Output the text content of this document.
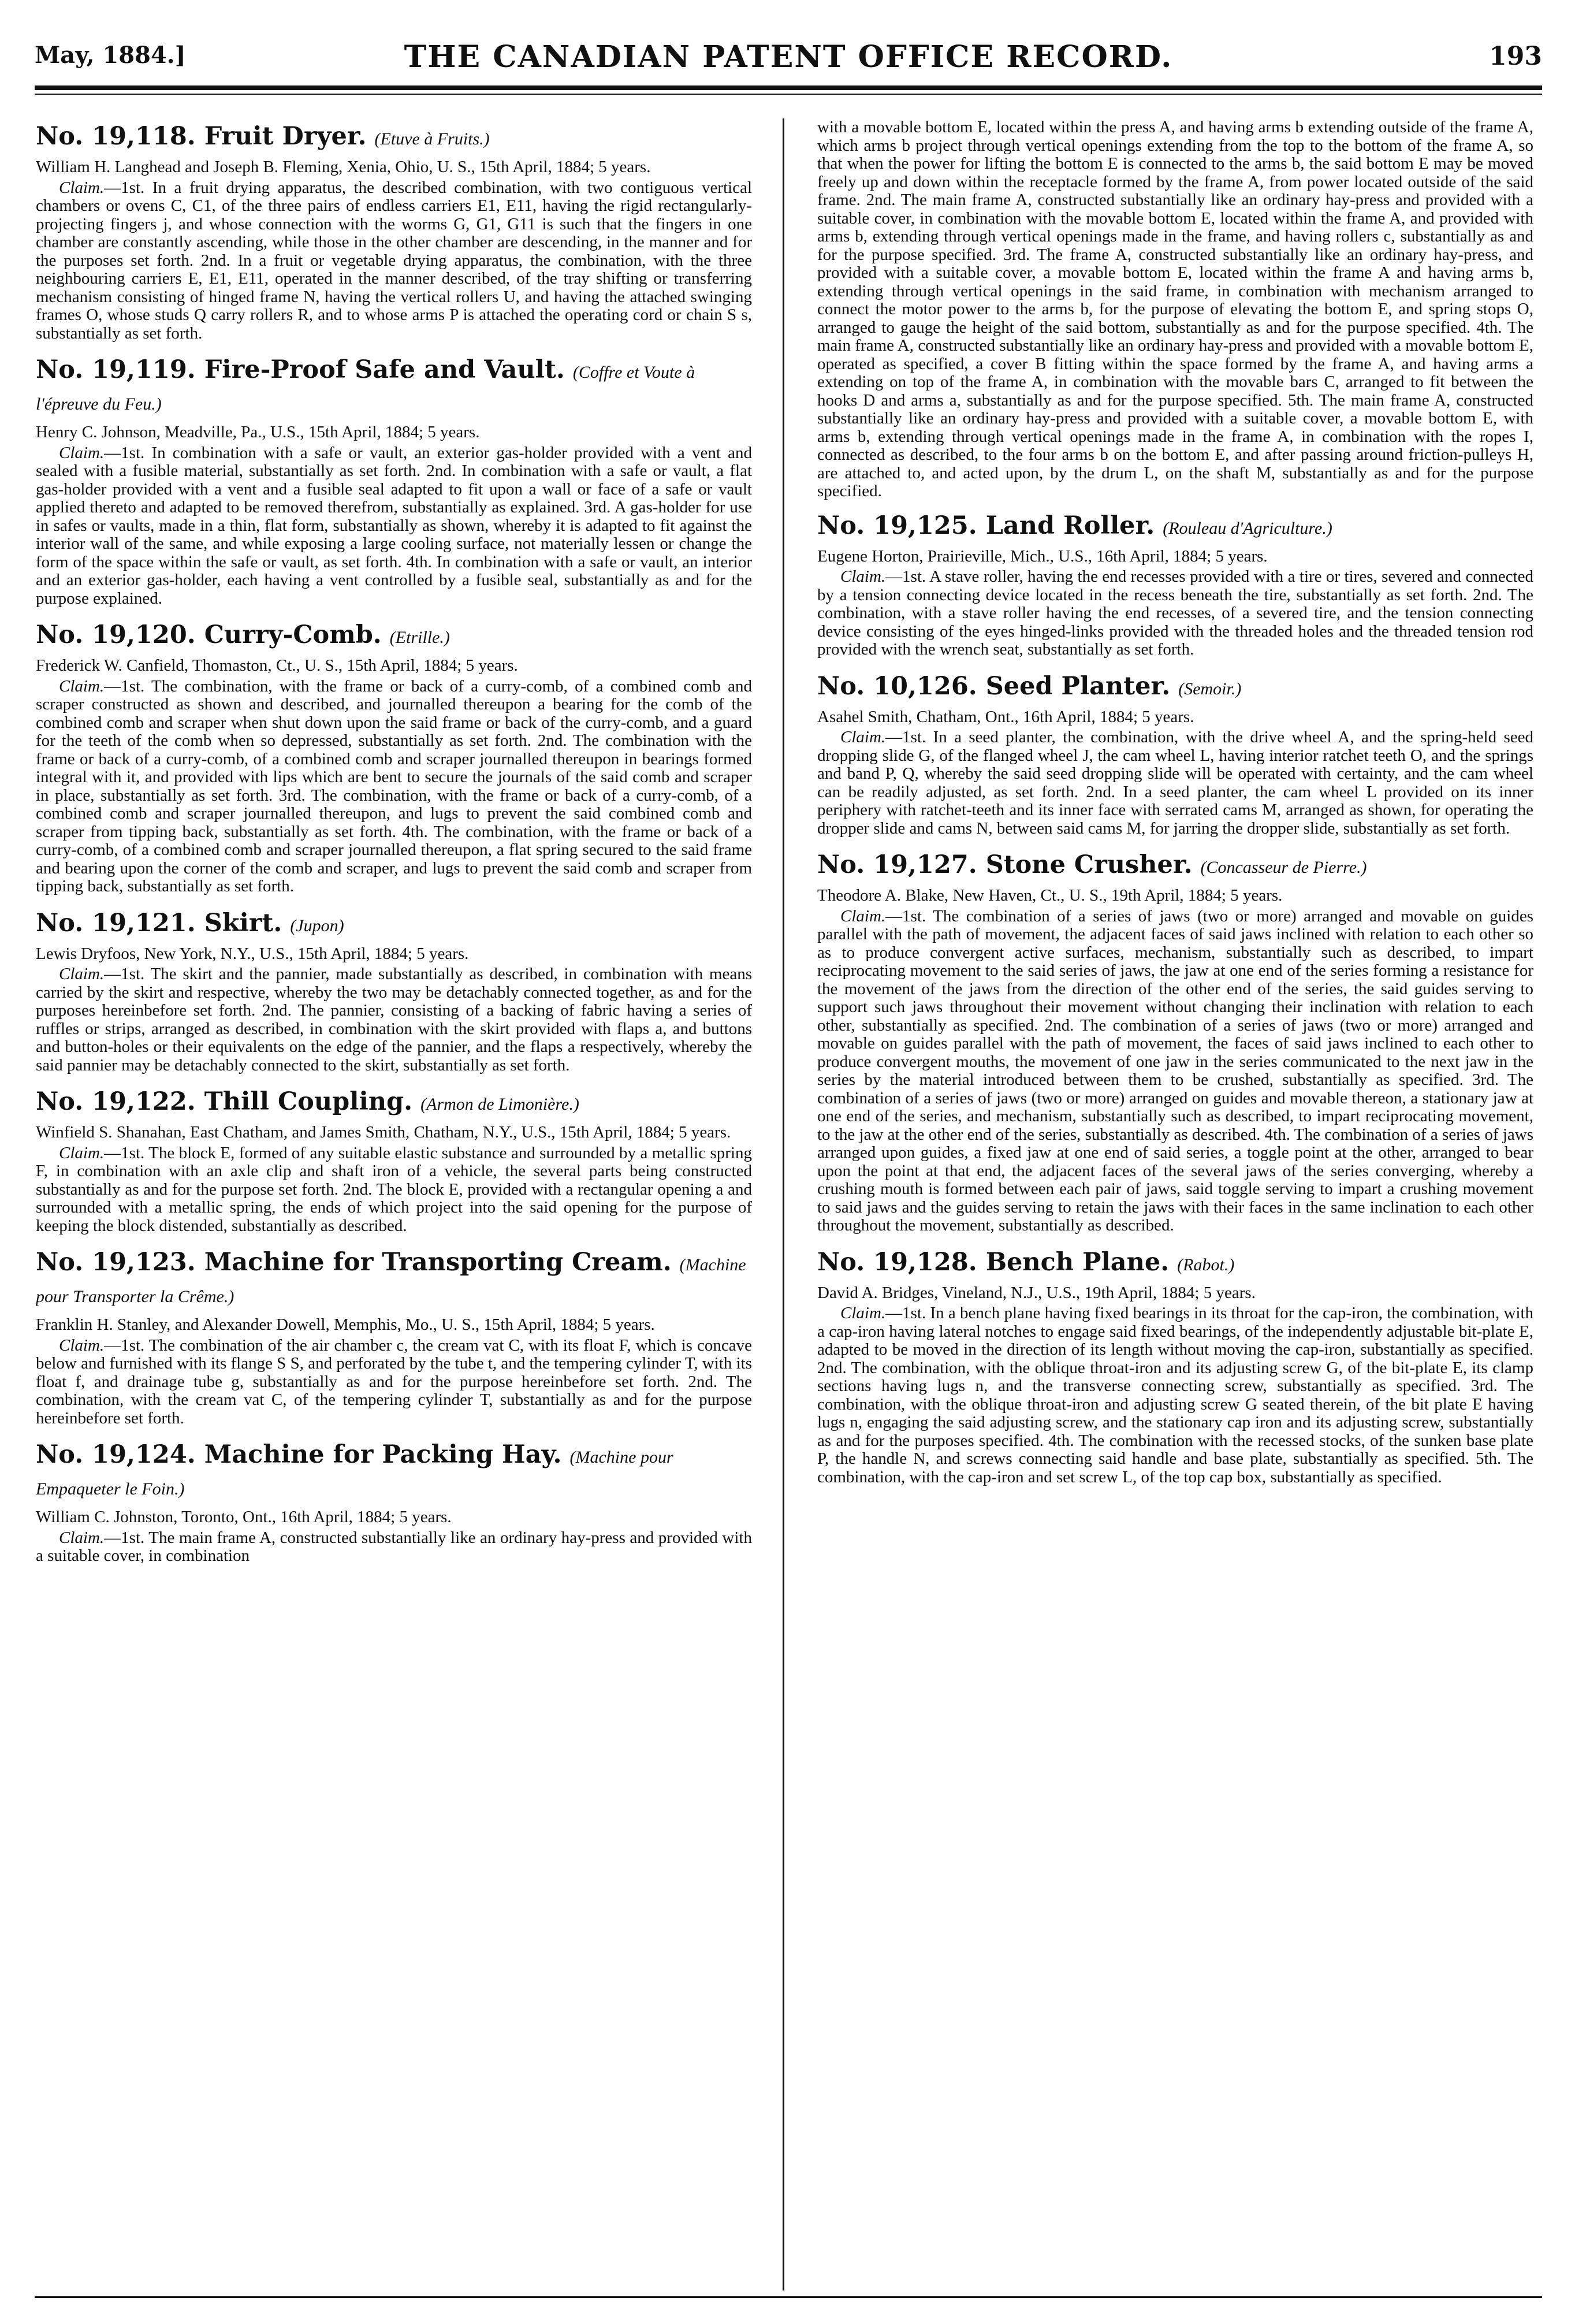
May, 1884.]	THE CANADIAN PATENT OFFICE RECORD.	193
No. 19,118. Fruit Dryer. (Etuve à Fruits.)

William H. Langhead and Joseph B. Fleming, Xenia, Ohio, U. S., 15th April, 1884; 5 years.

Claim.—1st. In a fruit drying apparatus, the described combination, with two contiguous vertical chambers or ovens C, C1, of the three pairs of endless carriers E1, E11, having the rigid rectangularly-projecting fingers j, and whose connection with the worms G, G1, G11 is such that the fingers in one chamber are constantly ascending, while those in the other chamber are descending, in the manner and for the purposes set forth. 2nd. In a fruit or vegetable drying apparatus, the combination, with the three neighbouring carriers E, E1, E11, operated in the manner described, of the tray shifting or transferring mechanism consisting of hinged frame N, having the vertical rollers U, and having the attached swinging frames O, whose studs Q carry rollers R, and to whose arms P is attached the operating cord or chain S s, substantially as set forth.

No. 19,119. Fire-Proof Safe and Vault. (Coffre et Voute à l'épreuve du Feu.)

Henry C. Johnson, Meadville, Pa., U.S., 15th April, 1884; 5 years.

Claim.—1st. In combination with a safe or vault, an exterior gas-holder provided with a vent and sealed with a fusible material, substantially as set forth. 2nd. In combination with a safe or vault, a flat gas-holder provided with a vent and a fusible seal adapted to fit upon a wall or face of a safe or vault applied thereto and adapted to be removed therefrom, substantially as explained. 3rd. A gas-holder for use in safes or vaults, made in a thin, flat form, substantially as shown, whereby it is adapted to fit against the interior wall of the same, and while exposing a large cooling surface, not materially lessen or change the form of the space within the safe or vault, as set forth. 4th. In combination with a safe or vault, an interior and an exterior gas-holder, each having a vent controlled by a fusible seal, substantially as and for the purpose explained.

No. 19,120. Curry-Comb. (Etrille.)

Frederick W. Canfield, Thomaston, Ct., U. S., 15th April, 1884; 5 years.

Claim.—1st. The combination, with the frame or back of a curry-comb, of a combined comb and scraper constructed as shown and described, and journalled thereupon a bearing for the comb of the combined comb and scraper when shut down upon the said frame or back of the curry-comb, and a guard for the teeth of the comb when so depressed, substantially as set forth. 2nd. The combination with the frame or back of a curry-comb, of a combined comb and scraper journalled thereupon in bearings formed integral with it, and provided with lips which are bent to secure the journals of the said comb and scraper in place, substantially as set forth. 3rd. The combination, with the frame or back of a curry-comb, of a combined comb and scraper journalled thereupon, and lugs to prevent the said combined comb and scraper from tipping back, substantially as set forth. 4th. The combination, with the frame or back of a curry-comb, of a combined comb and scraper journalled thereupon, a flat spring secured to the said frame and bearing upon the corner of the comb and scraper, and lugs to prevent the said comb and scraper from tipping back, substantially as set forth.

No. 19,121. Skirt. (Jupon)

Lewis Dryfoos, New York, N.Y., U.S., 15th April, 1884; 5 years.

Claim.—1st. The skirt and the pannier, made substantially as described, in combination with means carried by the skirt and respective, whereby the two may be detachably connected together, as and for the purposes hereinbefore set forth. 2nd. The pannier, consisting of a backing of fabric having a series of ruffles or strips, arranged as described, in combination with the skirt provided with flaps a, and buttons and button-holes or their equivalents on the edge of the pannier, and the flaps a respectively, whereby the said pannier may be detachably connected to the skirt, substantially as set forth.

No. 19,122. Thill Coupling. (Armon de Limonière.)

Winfield S. Shanahan, East Chatham, and James Smith, Chatham, N.Y., U.S., 15th April, 1884; 5 years.

Claim.—1st. The block E, formed of any suitable elastic substance and surrounded by a metallic spring F, in combination with an axle clip and shaft iron of a vehicle, the several parts being constructed substantially as and for the purpose set forth. 2nd. The block E, provided with a rectangular opening a and surrounded with a metallic spring, the ends of which project into the said opening for the purpose of keeping the block distended, substantially as described.

No. 19,123. Machine for Transporting Cream. (Machine pour Transporter la Crême.)

Franklin H. Stanley, and Alexander Dowell, Memphis, Mo., U. S., 15th April, 1884; 5 years.

Claim.—1st. The combination of the air chamber c, the cream vat C, with its float F, which is concave below and furnished with its flange S S, and perforated by the tube t, and the tempering cylinder T, with its float f, and drainage tube g, substantially as and for the purpose hereinbefore set forth. 2nd. The combination, with the cream vat C, of the tempering cylinder T, substantially as and for the purpose hereinbefore set forth.

No. 19,124. Machine for Packing Hay. (Machine pour Empaqueter le Foin.)

William C. Johnston, Toronto, Ont., 16th April, 1884; 5 years.

Claim.—1st. The main frame A, constructed substantially like an ordinary hay-press and provided with a suitable cover, in combination

with a movable bottom E, located within the press A, and having arms b extending outside of the frame A, which arms b project through vertical openings extending from the top to the bottom of the frame A, so that when the power for lifting the bottom E is connected to the arms b, the said bottom E may be moved freely up and down within the receptacle formed by the frame A, from power located outside of the said frame. 2nd. The main frame A, constructed substantially like an ordinary hay-press and provided with a suitable cover, in combination with the movable bottom E, located within the frame A, and provided with arms b, extending through vertical openings made in the frame, and having rollers c, substantially as and for the purpose specified. 3rd. The frame A, constructed substantially like an ordinary hay-press, and provided with a suitable cover, a movable bottom E, located within the frame A and having arms b, extending through vertical openings in the said frame, in combination with mechanism arranged to connect the motor power to the arms b, for the purpose of elevating the bottom E, and spring stops O, arranged to gauge the height of the said bottom, substantially as and for the purpose specified. 4th. The main frame A, constructed substantially like an ordinary hay-press and provided with a movable bottom E, operated as specified, a cover B fitting within the space formed by the frame A, and having arms a extending on top of the frame A, in combination with the movable bars C, arranged to fit between the hooks D and arms a, substantially as and for the purpose specified. 5th. The main frame A, constructed substantially like an ordinary hay-press and provided with a suitable cover, a movable bottom E, with arms b, extending through vertical openings made in the frame A, in combination with the ropes I, connected as described, to the four arms b on the bottom E, and after passing around friction-pulleys H, are attached to, and acted upon, by the drum L, on the shaft M, substantially as and for the purpose specified.

No. 19,125. Land Roller. (Rouleau d'Agriculture.)

Eugene Horton, Prairieville, Mich., U.S., 16th April, 1884; 5 years.

Claim.—1st. A stave roller, having the end recesses provided with a tire or tires, severed and connected by a tension connecting device located in the recess beneath the tire, substantially as set forth. 2nd. The combination, with a stave roller having the end recesses, of a severed tire, and the tension connecting device consisting of the eyes hinged-links provided with the threaded holes and the threaded tension rod provided with the wrench seat, substantially as set forth.

No. 10,126. Seed Planter. (Semoir.)

Asahel Smith, Chatham, Ont., 16th April, 1884; 5 years.

Claim.—1st. In a seed planter, the combination, with the drive wheel A, and the spring-held seed dropping slide G, of the flanged wheel J, the cam wheel L, having interior ratchet teeth O, and the springs and band P, Q, whereby the said seed dropping slide will be operated with certainty, and the cam wheel can be readily adjusted, as set forth. 2nd. In a seed planter, the cam wheel L provided on its inner periphery with ratchet-teeth and its inner face with serrated cams M, arranged as shown, for operating the dropper slide and cams N, between said cams M, for jarring the dropper slide, substantially as set forth.

No. 19,127. Stone Crusher. (Concasseur de Pierre.)

Theodore A. Blake, New Haven, Ct., U. S., 19th April, 1884; 5 years.

Claim.—1st. The combination of a series of jaws (two or more) arranged and movable on guides parallel with the path of movement, the adjacent faces of said jaws inclined with relation to each other so as to produce convergent active surfaces, mechanism, substantially such as described, to impart reciprocating movement to the said series of jaws, the jaw at one end of the series forming a resistance for the movement of the jaws from the direction of the other end of the series, the said guides serving to support such jaws throughout their movement without changing their inclination with relation to each other, substantially as specified. 2nd. The combination of a series of jaws (two or more) arranged and movable on guides parallel with the path of movement, the faces of said jaws inclined to each other to produce convergent mouths, the movement of one jaw in the series communicated to the next jaw in the series by the material introduced between them to be crushed, substantially as specified. 3rd. The combination of a series of jaws (two or more) arranged on guides and movable thereon, a stationary jaw at one end of the series, and mechanism, substantially such as described, to impart reciprocating movement, to the jaw at the other end of the series, substantially as described. 4th. The combination of a series of jaws arranged upon guides, a fixed jaw at one end of said series, a toggle point at the other, arranged to bear upon the point at that end, the adjacent faces of the several jaws of the series converging, whereby a crushing mouth is formed between each pair of jaws, said toggle serving to impart a crushing movement to said jaws and the guides serving to retain the jaws with their faces in the same inclination to each other throughout the movement, substantially as described.

No. 19,128. Bench Plane. (Rabot.)

David A. Bridges, Vineland, N.J., U.S., 19th April, 1884; 5 years.

Claim.—1st. In a bench plane having fixed bearings in its throat for the cap-iron, the combination, with a cap-iron having lateral notches to engage said fixed bearings, of the independently adjustable bit-plate E, adapted to be moved in the direction of its length without moving the cap-iron, substantially as specified. 2nd. The combination, with the oblique throat-iron and its adjusting screw G, of the bit-plate E, its clamp sections having lugs n, and the transverse connecting screw, substantially as specified. 3rd. The combination, with the oblique throat-iron and adjusting screw G seated therein, of the bit plate E having lugs n, engaging the said adjusting screw, and the stationary cap iron and its adjusting screw, substantially as and for the purposes specified. 4th. The combination with the recessed stocks, of the sunken base plate P, the handle N, and screws connecting said handle and base plate, substantially as specified. 5th. The combination, with the cap-iron and set screw L, of the top cap box, substantially as specified.
